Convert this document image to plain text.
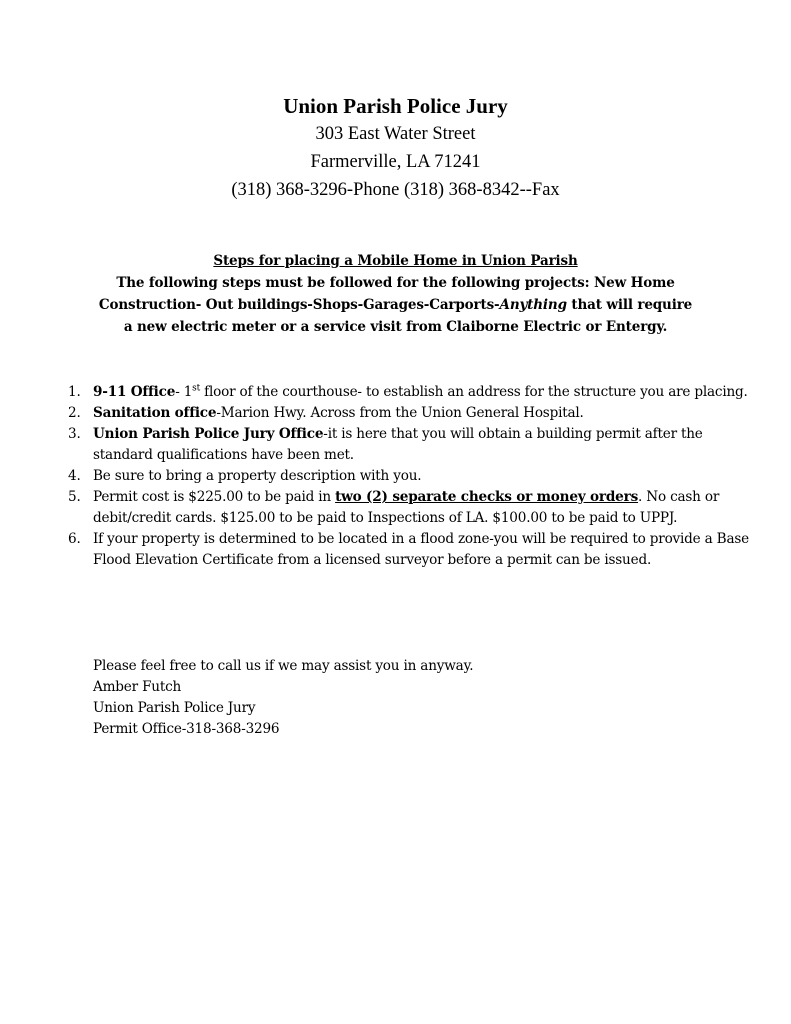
Union Parish Police Jury
303 East Water Street
Farmerville, LA 71241
(318) 368-3296-Phone (318) 368-8342--Fax
Steps for placing a Mobile Home in Union Parish
The following steps must be followed for the following projects: New Home
Construction- Out buildings-Shops-Garages-Carports-Anything that will require
a new electric meter or a service visit from Claiborne Electric or Entergy.
1. 9-11 Office- 1st floor of the courthouse- to establish an address for the structure you are placing.
2. Sanitation office-Marion Hwy. Across from the Union General Hospital.
3. Union Parish Police Jury Office-it is here that you will obtain a building permit after the standard qualifications have been met.
4. Be sure to bring a property description with you.
5. Permit cost is $225.00 to be paid in two (2) separate checks or money orders. No cash or debit/credit cards. $125.00 to be paid to Inspections of LA. $100.00 to be paid to UPPJ.
6. If your property is determined to be located in a flood zone-you will be required to provide a Base Flood Elevation Certificate from a licensed surveyor before a permit can be issued.
Please feel free to call us if we may assist you in anyway.
Amber Futch
Union Parish Police Jury
Permit Office-318-368-3296
